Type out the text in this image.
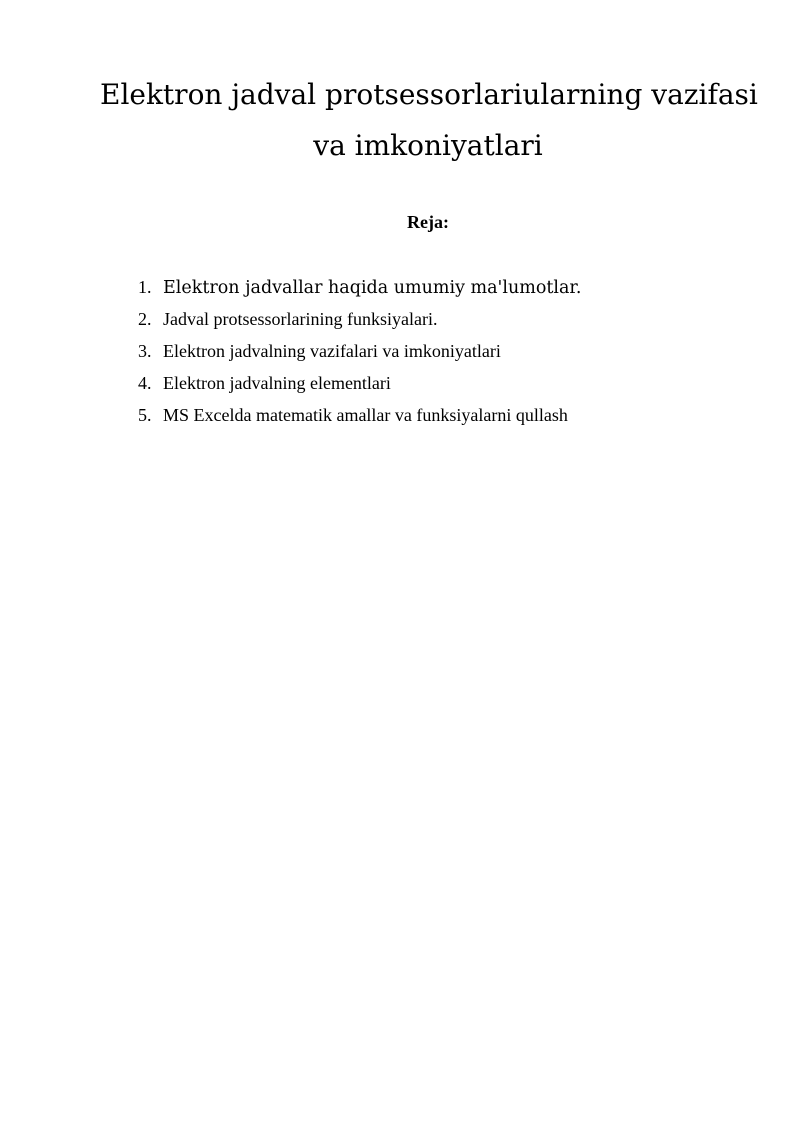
Elektron jadval protsessorlariularning vazifasi
va imkoniyatlari
Reja:
1. Elektron jadvallar haqida umumiy ma'lumotlar.
2. Jadval protsessorlarining funksiyalari.
3. Elektron jadvalning vazifalari va imkoniyatlari
4. Elektron jadvalning elementlari
5. MS Excelda matematik amallar va funksiyalarni qullash
